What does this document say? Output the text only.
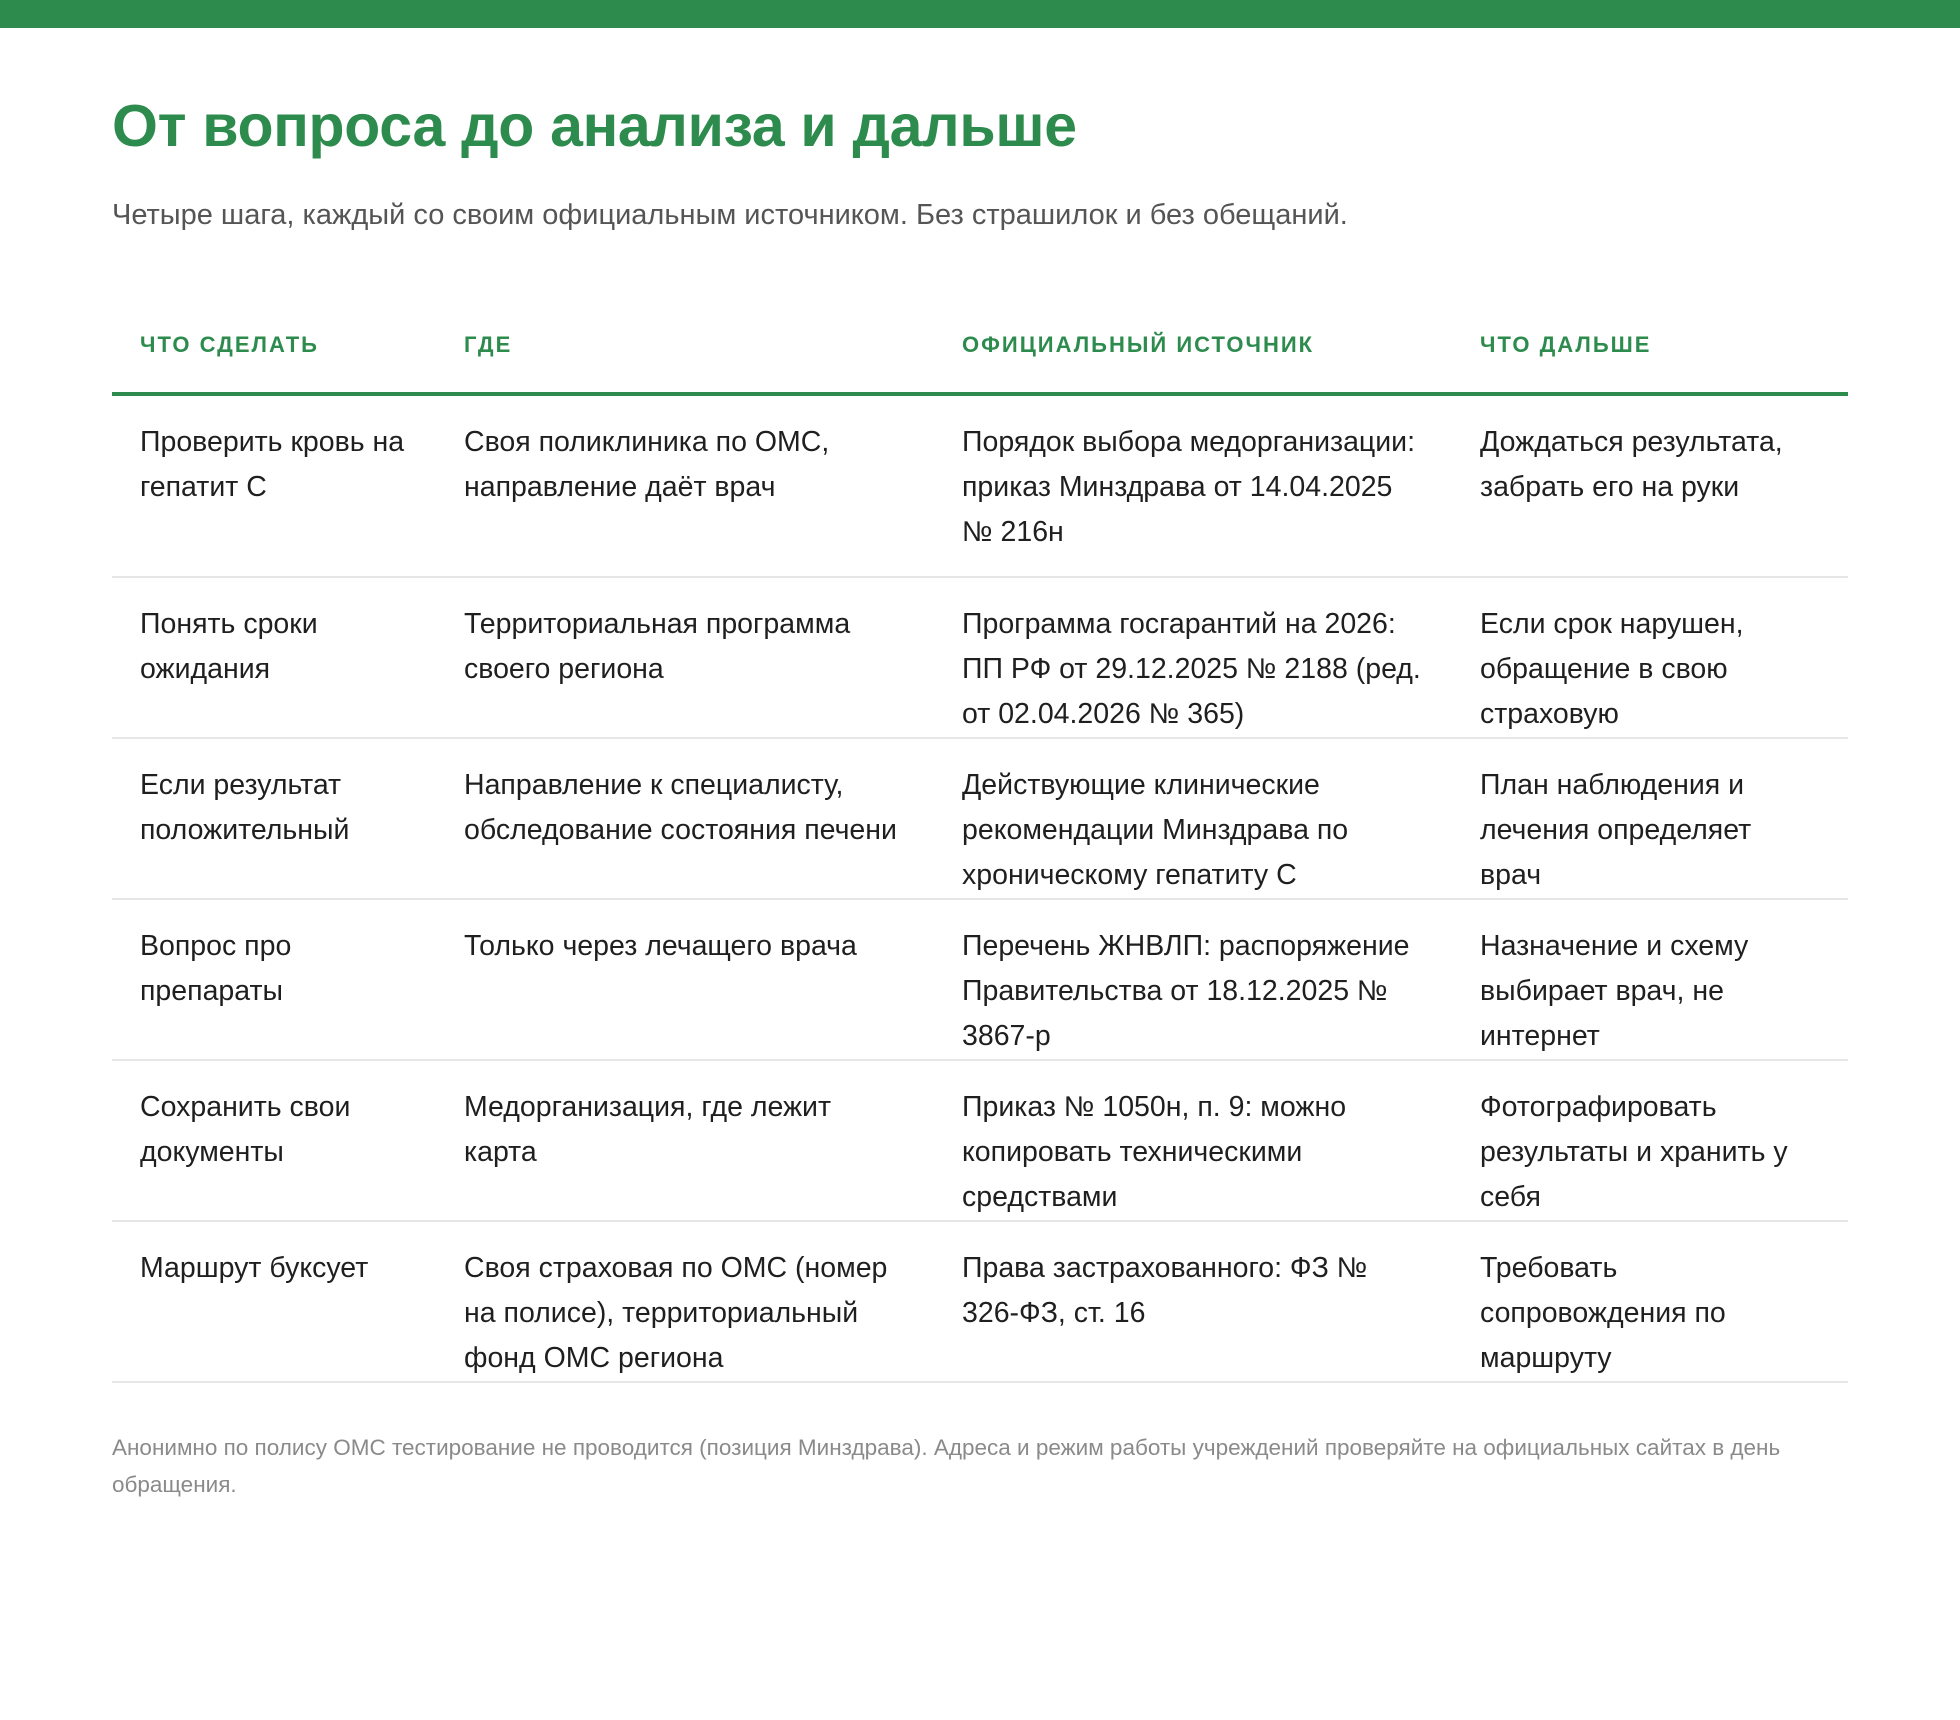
От вопроса до анализа и дальше
Четыре шага, каждый со своим официальным источником. Без страшилок и без обещаний.
ЧТО СДЕЛАТЬ	ГДЕ	ОФИЦИАЛЬНЫЙ ИСТОЧНИК	ЧТО ДАЛЬШЕ
Проверить кровь на гепатит С	Своя поликлиника по ОМС, направление даёт врач	Порядок выбора медорганизации: приказ Минздрава от 14.04.2025 № 216н	Дождаться результата, забрать его на руки
Понять сроки ожидания	Территориальная программа своего региона	Программа госгарантий на 2026: ПП РФ от 29.12.2025 № 2188 (ред. от 02.04.2026 № 365)	Если срок нарушен, обращение в свою страховую
Если результат положительный	Направление к специалисту, обследование состояния печени	Действующие клинические рекомендации Минздрава по хроническому гепатиту С	План наблюдения и лечения определяет врач
Вопрос про препараты	Только через лечащего врача	Перечень ЖНВЛП: распоряжение Правительства от 18.12.2025 № 3867-р	Назначение и схему выбирает врач, не интернет
Сохранить свои документы	Медорганизация, где лежит карта	Приказ № 1050н, п. 9: можно копировать техническими средствами	Фотографировать результаты и хранить у себя
Маршрут буксует	Своя страховая по ОМС (номер на полисе), территориальный фонд ОМС региона	Права застрахованного: ФЗ № 326-ФЗ, ст. 16	Требовать сопровождения по маршруту
Анонимно по полису ОМС тестирование не проводится (позиция Минздрава). Адреса и режим работы учреждений проверяйте на официальных сайтах в день обращения.
